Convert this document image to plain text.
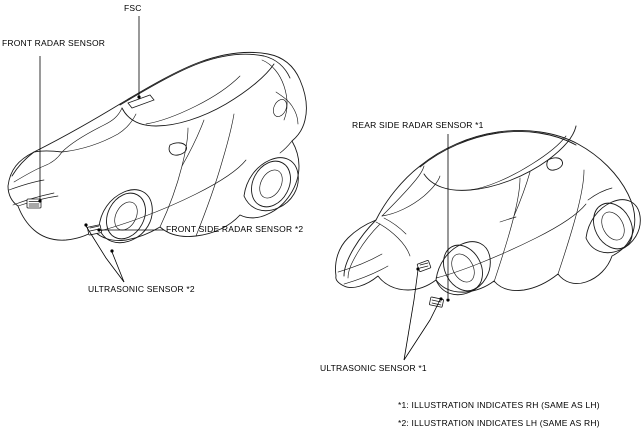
FSC
FRONT RADAR SENSOR
FRONT SIDE RADAR SENSOR *2
ULTRASONIC SENSOR *2
REAR SIDE RADAR SENSOR *1
ULTRASONIC SENSOR *1
*1: ILLUSTRATION INDICATES RH (SAME AS LH)
*2: ILLUSTRATION INDICATES LH (SAME AS RH)
